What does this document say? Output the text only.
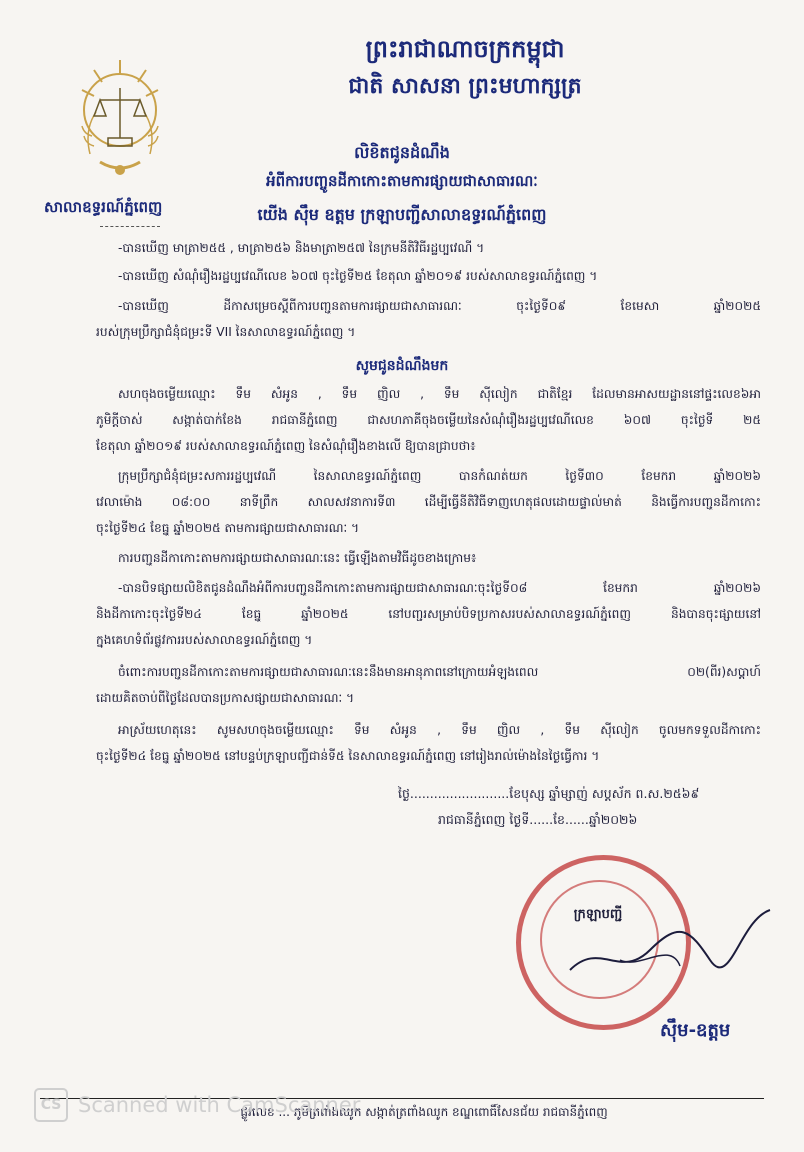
សាលាឧទ្ធរណ៍ភ្នំពេញ
ព្រះរាជាណាចក្រកម្ពុជា
ជាតិ សាសនា ព្រះមហាក្សត្រ
លិខិតជូនដំណឹង
អំពីការបញ្ចូនដីកាកោះតាមការផ្សាយជាសាធារណៈ
យើង ស៊ឹម ឧត្តម ក្រឡាបញ្ជីសាលាឧទ្ធរណ៍ភ្នំពេញ
-បានឃើញ មាត្រា២៥៥ , មាត្រា២៥៦ និងមាត្រា២៥៧ នៃក្រមនីតិវិធីរដ្ឋប្បវេណី ។
-បានឃើញ សំណុំរឿងរដ្ឋប្បវេណីលេខ ៦០៧ ចុះថ្ងៃទី២៥ ខែតុលា ឆ្នាំ២០១៩ របស់សាលាឧទ្ធរណ៍ភ្នំពេញ ។
-បានឃើញ ដីកាសម្រេចស្តីពីការបញ្ជូនតាមការផ្សាយជាសាធារណៈ ចុះថ្ងៃទី០៩ ខែមេសា ឆ្នាំ២០២៥
របស់ក្រុមប្រឹក្សាជំនុំជម្រះទី VII នៃសាលាឧទ្ធរណ៍ភ្នំពេញ ។
សូមជូនដំណឹងមក
សហចុងចម្លើយឈ្មោះ ទឹម សំអូន , ទឹម ញិល , ទឹម ស៊ីលៀក ជាតិខ្មែរ ដែលមានអាសយដ្ឋាននៅផ្ទះលេខ៦អា
ភូមិក្ដីចាស់ សង្កាត់បាក់ខែង រាជធានីភ្នំពេញ ជាសហភាគីចុងចម្លើយនៃសំណុំរឿងរដ្ឋប្បវេណីលេខ ៦០៧ ចុះថ្ងៃទី ២៥
ខែតុលា ឆ្នាំ២០១៩ របស់សាលាឧទ្ធរណ៍ភ្នំពេញ នៃសំណុំរឿងខាងលើ ឱ្យបានជ្រាបថា៖
ក្រុមប្រឹក្សាជំនុំជម្រះសការរដ្ឋប្បវេណី នៃសាលាឧទ្ធរណ៍ភ្នំពេញ បានកំណត់យក ថ្ងៃទី៣០ ខែមករា ឆ្នាំ២០២៦
វេលាម៉ោង ០៨:០០ នាទីព្រឹក សាលសវនាការទី៣ ដើម្បីធ្វើនីតិវិធីទាញហេតុផលដោយផ្ទាល់មាត់ និងធ្វើការបញ្ជូនដីកាកោះ
ចុះថ្ងៃទី២៤ ខែធ្នូ ឆ្នាំ២០២៥ តាមការផ្សាយជាសាធារណៈ ។
ការបញ្ជូនដីកាកោះតាមការផ្សាយជាសាធារណៈនេះ ធ្វើឡើងតាមវិធីដូចខាងក្រោម៖
-បានបិទផ្សាយលិខិតជូនដំណឹងអំពីការបញ្ជូនដីកាកោះតាមការផ្សាយជាសាធារណៈចុះថ្ងៃទី០៨ ខែមករា ឆ្នាំ២០២៦
និងដីកាកោះចុះថ្ងៃទី២៤ ខែធ្នូ ឆ្នាំ២០២៥ នៅបញ្ជរសម្រាប់បិទប្រកាសរបស់សាលាឧទ្ធរណ៍ភ្នំពេញ និងបានចុះផ្សាយនៅ
ក្នុងគេហទំព័រផ្លូវការរបស់សាលាឧទ្ធរណ៍ភ្នំពេញ ។
ចំពោះការបញ្ជូនដីកាកោះតាមការផ្សាយជាសាធារណៈនេះនឹងមានអានុភាពនៅក្រោយអំឡុងពេល ០២(ពីរ)សប្តាហ៍
ដោយគិតចាប់ពីថ្ងៃដែលបានប្រកាសផ្សាយជាសាធារណៈ ។
អាស្រ័យហេតុនេះ សូមសហចុងចម្លើយឈ្មោះ ទឹម សំអូន , ទឹម ញិល , ទឹម ស៊ីលៀក ចូលមកទទួលដីកាកោះ
ចុះថ្ងៃទី២៤ ខែធ្នូ ឆ្នាំ២០២៥ នៅបន្ទប់ក្រឡាបញ្ជីជាន់ទី៥ នៃសាលាឧទ្ធរណ៍ភ្នំពេញ នៅរៀងរាល់ម៉ោងនៃថ្ងៃធ្វើការ ។
ថ្ងៃ.........................ខែបុស្ស ឆ្នាំម្សាញ់ សប្តស័ក ព.ស.២៥៦៩
រាជធានីភ្នំពេញ ថ្ងៃទី......ខែ......ឆ្នាំ២០២៦
ក្រឡាបញ្ជី
ស៊ឹម-ឧត្តម
ផ្លូវលេខ ... ភូមិត្រពាំងឈូក សង្កាត់ត្រពាំងឈូក ខណ្ឌពោធិ៍សែនជ័យ រាជធានីភ្នំពេញ
CS Scanned with CamScanner
